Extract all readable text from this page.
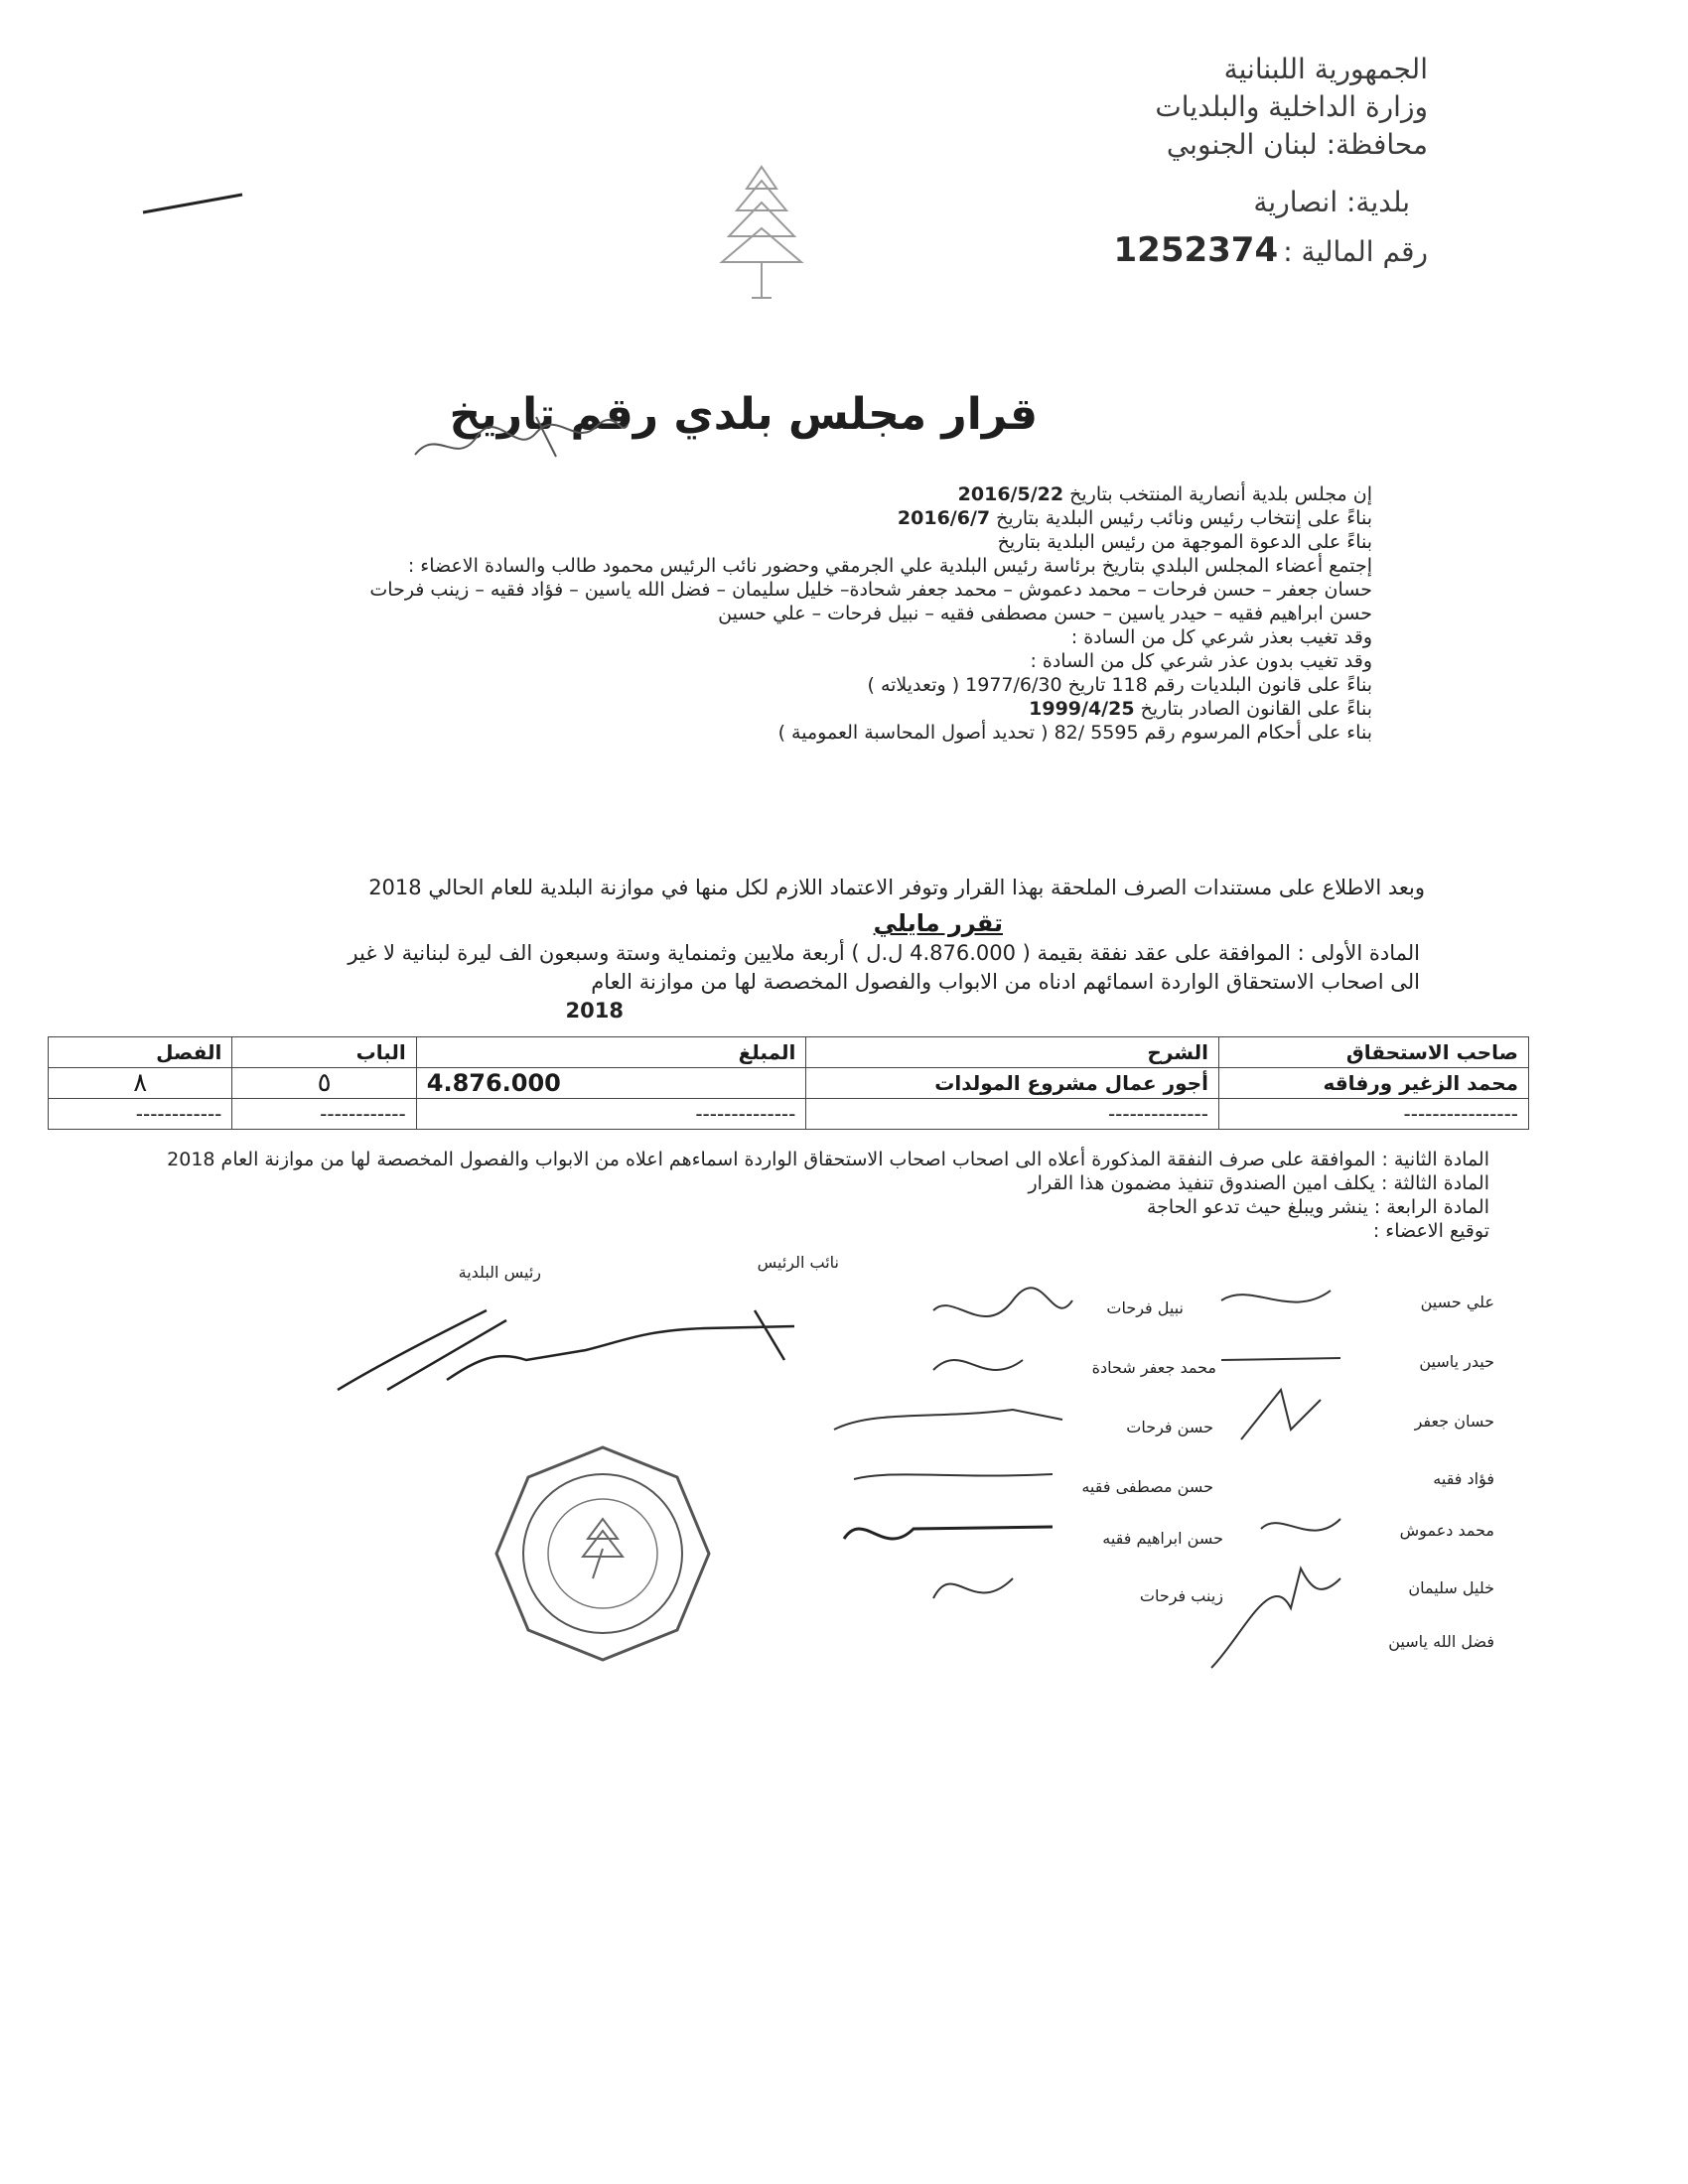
الجمهورية اللبنانية
وزارة الداخلية والبلديات
محافظة: لبنان الجنوبي
بلدية: انصارية
رقم المالية : 1252374
قرار مجلس بلدي رقم تاريخ
إن مجلس بلدية أنصارية المنتخب بتاريخ 2016/5/22
بناءً على إنتخاب رئيس ونائب رئيس البلدية بتاريخ 2016/6/7
بناءً على الدعوة الموجهة من رئيس البلدية بتاريخ
إجتمع أعضاء المجلس البلدي بتاريخ برئاسة رئيس البلدية علي الجرمقي وحضور نائب الرئيس محمود طالب والسادة الاعضاء :
حسان جعفر – حسن فرحات – محمد دعموش – محمد جعفر شحادة– خليل سليمان – فضل الله ياسين – فؤاد فقيه – زينب فرحات
حسن ابراهيم فقيه – حيدر ياسين – حسن مصطفى فقيه – نبيل فرحات – علي حسين
وقد تغيب بعذر شرعي كل من السادة :
وقد تغيب بدون عذر شرعي كل من السادة :
بناءً على قانون البلديات رقم 118 تاريخ 1977/6/30 ( وتعديلاته )
بناءً على القانون الصادر بتاريخ 1999/4/25
بناء على أحكام المرسوم رقم 5595 /82 ( تحديد أصول المحاسبة العمومية )
وبعد الاطلاع على مستندات الصرف الملحقة بهذا القرار وتوفر الاعتماد اللازم لكل منها في موازنة البلدية للعام الحالي 2018
تقرر مايلي
المادة الأولى : الموافقة على عقد نفقة بقيمة ( 4.876.000 ل.ل ) أربعة ملايين وثمنماية وستة وسبعون الف ليرة لبنانية لا غير
الى اصحاب الاستحقاق الواردة اسمائهم ادناه من الابواب والفصول المخصصة لها من موازنة العام
2018
صاحب الاستحقاق	الشرح	المبلغ	الباب	الفصل
محمد الزغير ورفاقه	أجور عمال مشروع المولدات	4.876.000	٥	٨
----------------	--------------	--------------	------------	------------
المادة الثانية : الموافقة على صرف النفقة المذكورة أعلاه الى اصحاب اصحاب الاستحقاق الواردة اسماءهم اعلاه من الابواب والفصول المخصصة لها من موازنة العام 2018
المادة الثالثة : يكلف امين الصندوق تنفيذ مضمون هذا القرار
المادة الرابعة : ينشر ويبلغ حيث تدعو الحاجة
توقيع الاعضاء :
رئيس البلدية
نائب الرئيس
نبيل فرحات
محمد جعفر شحادة
حسن فرحات
حسن مصطفى فقيه
حسن ابراهيم فقيه
زينب فرحات
علي حسين
حيدر ياسين
حسان جعفر
فؤاد فقيه
محمد دعموش
خليل سليمان
فضل الله ياسين
